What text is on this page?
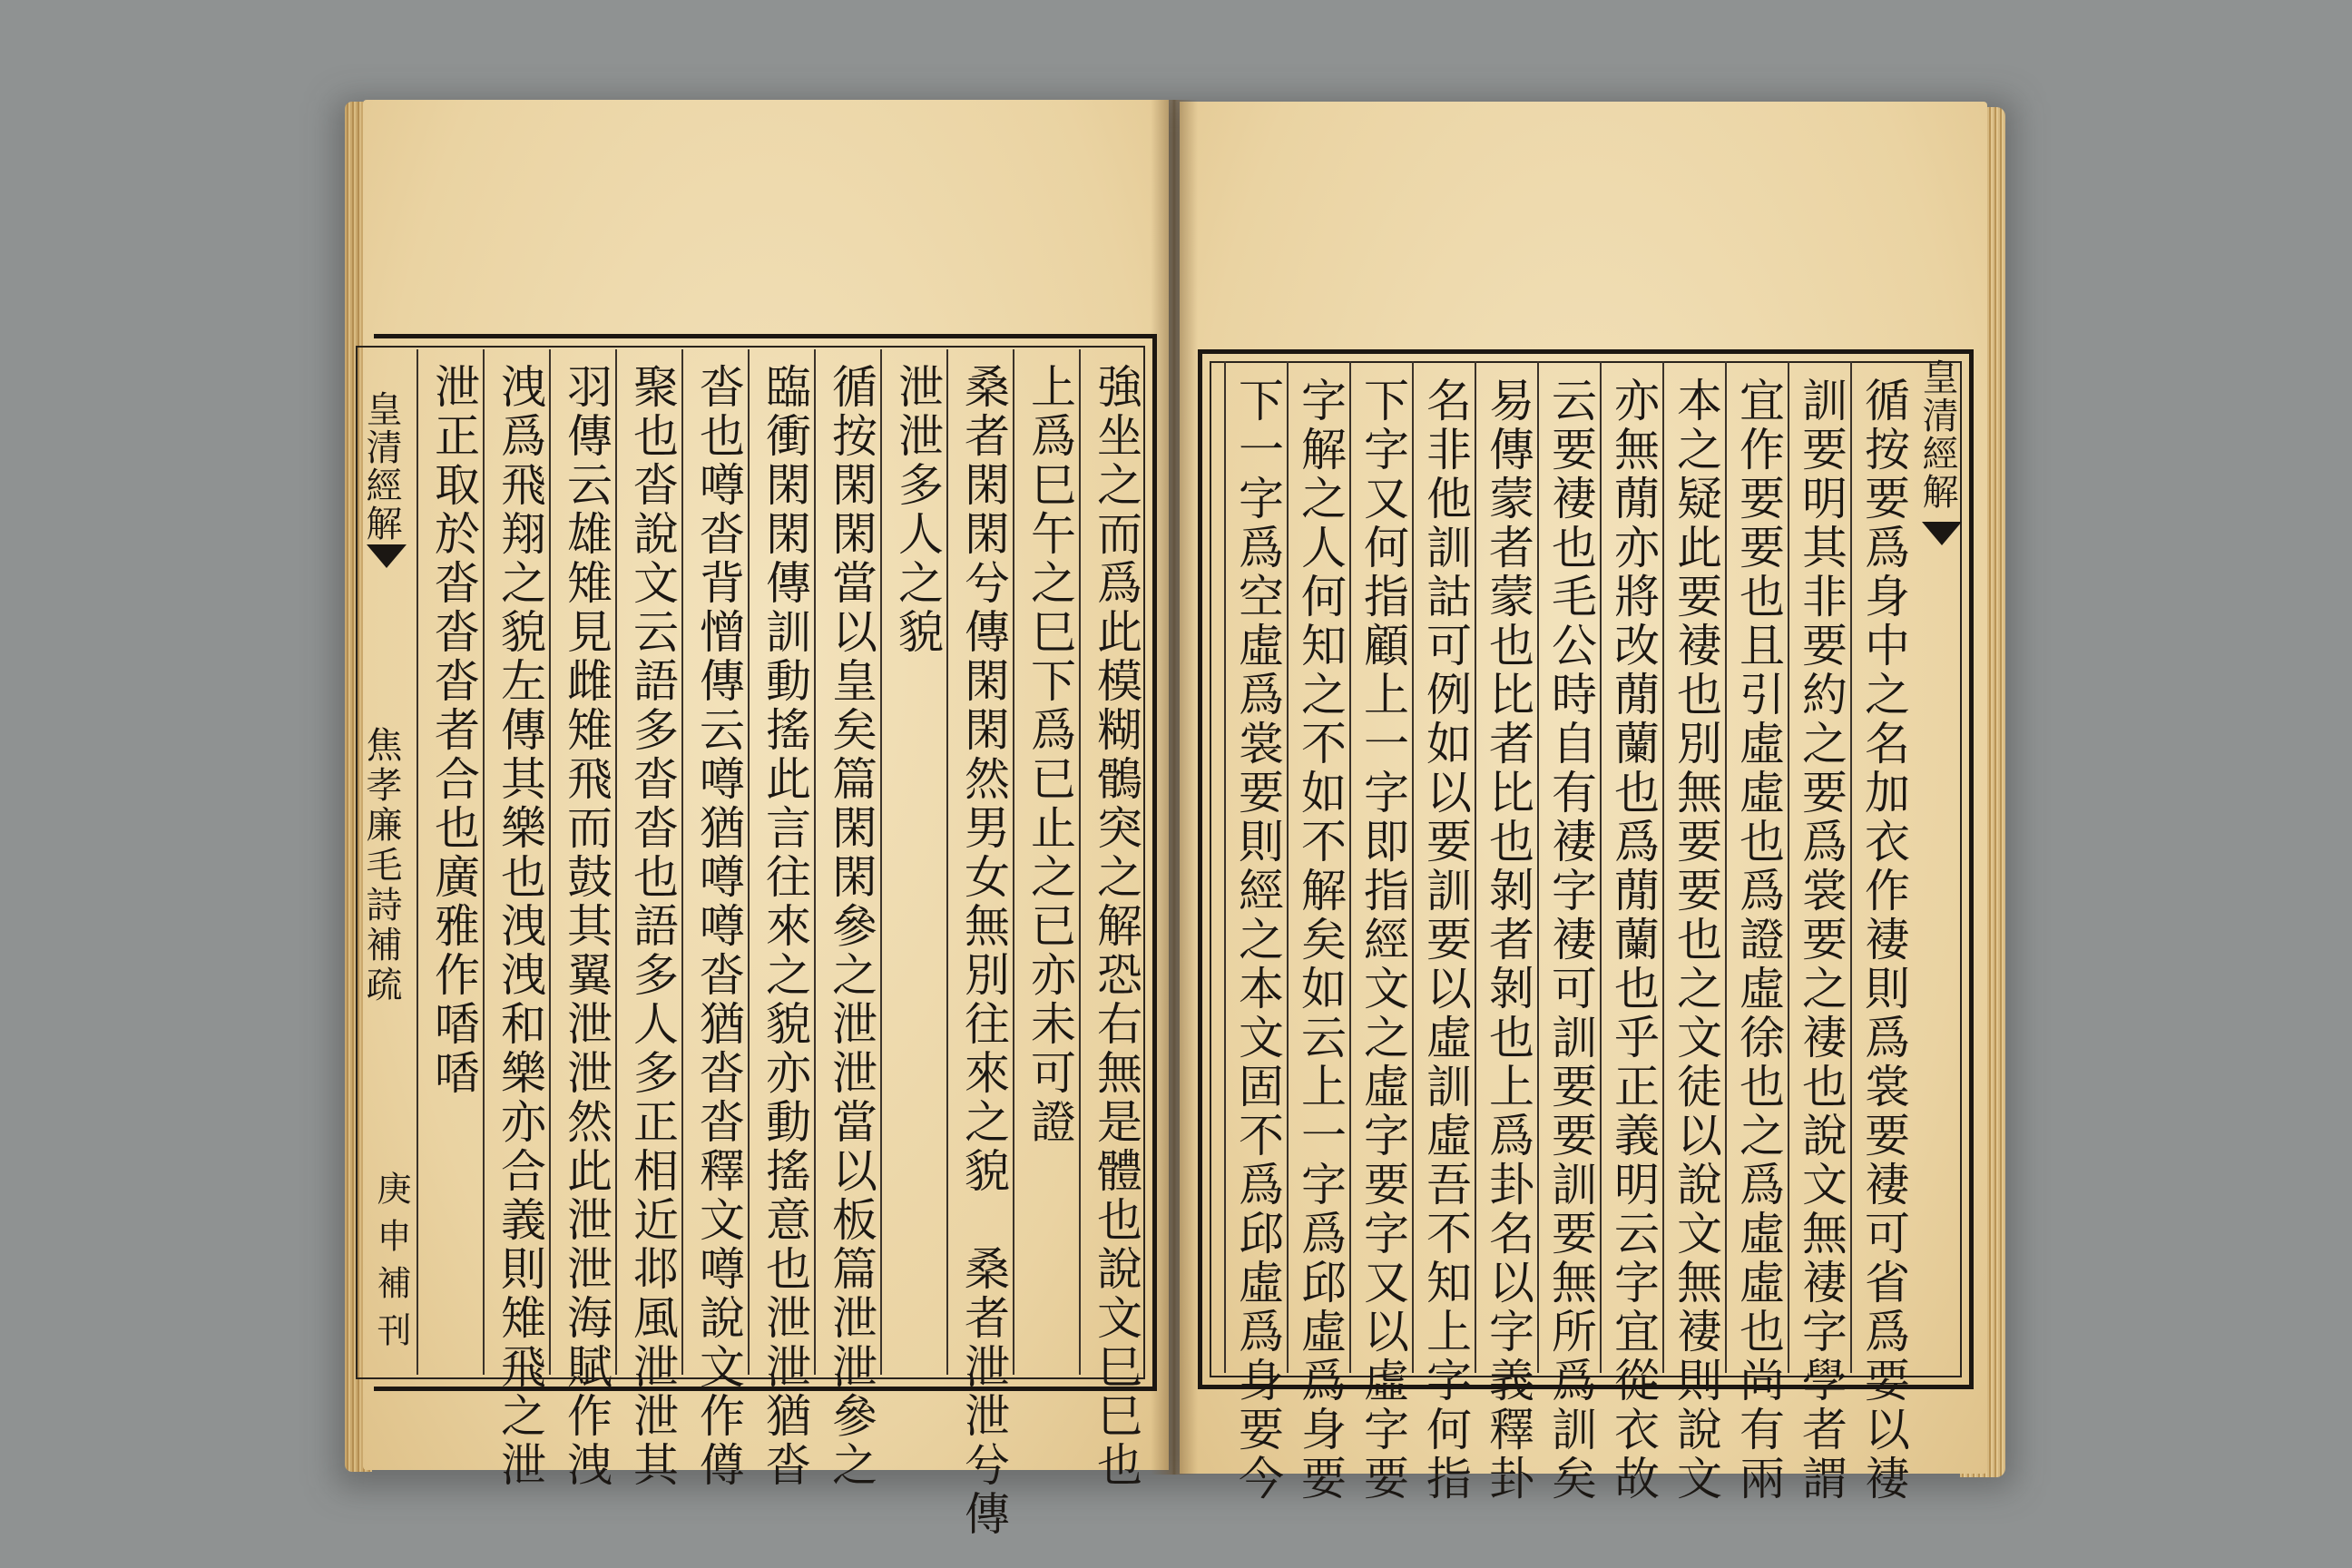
強坐之而爲此模糊鶻突之解恐右無是體也說文巳巳也
上爲巳午之巳下爲已止之已亦未可證
桑者閑閑兮傳閑閑然男女無別往來之貌　桑者泄泄兮傳
泄泄多人之貌
循按閑閑當以皇矣篇閑閑參之泄泄當以板篇泄泄參之
臨衝閑閑傳訓動搖此言往來之貌亦動搖意也泄泄猶沓
沓也噂沓背憎傳云噂猶噂噂沓猶沓沓釋文噂說文作僔
聚也沓說文云語多沓沓也語多人多正相近邶風泄泄其
羽傳云雄雉見雌雉飛而鼓其翼泄泄然此泄泄海賦作洩
洩爲飛翔之貌左傳其樂也洩洩和樂亦合義則雉飛之泄
泄正取於沓沓沓者合也廣雅作㗍㗍
皇清經解
焦孝廉毛詩補疏
庚申補刊	循按要爲身中之名加衣作褄則爲裳要褄可省爲要以褄
訓要明其非要約之要爲裳要之褄也說文無褄字學者謂
宜作要要也且引虛虛也爲證虛徐也之爲虛虛也尚有兩
本之疑此要褄也別無要要也之文徒以說文無褄則說文
亦無蕑亦將改蕑蘭也爲蕑蘭也乎正義明云字宜從衣故
云要褄也毛公時自有褄字褄可訓要要訓要無所爲訓矣
易傳蒙者蒙也比者比也剝者剝也上爲卦名以字義釋卦
名非他訓詁可例如以要訓要以虛訓虛吾不知上字何指
下字又何指顧上一字即指經文之虛字要字又以虛字要
字解之人何知之不如不解矣如云上一字爲邱虛爲身要
下一字爲空虛爲裳要則經之本文固不爲邱虛爲身要今	皇清經解
